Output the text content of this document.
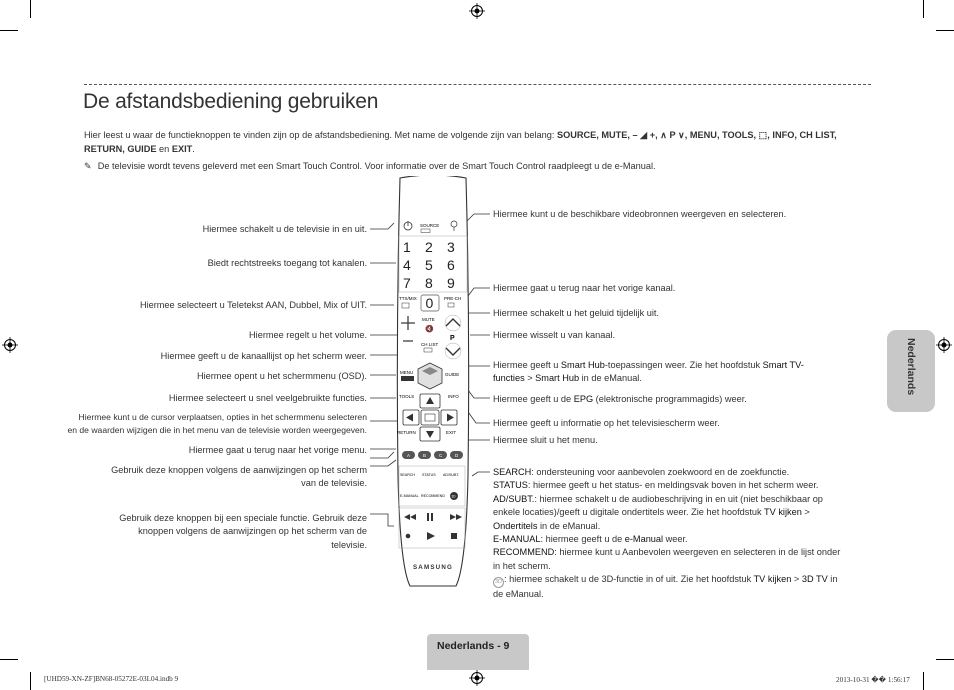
De afstandsbediening gebruiken
Hier leest u waar de functieknoppen te vinden zijn op de afstandsbediening. Met name de volgende zijn van belang: SOURCE, MUTE, – ◢ +, ∧ P ∨, MENU, TOOLS, ⬚, INFO, CH LIST,
RETURN, GUIDE en EXIT.
✎ De televisie wordt tevens geleverd met een Smart Touch Control. Voor informatie over de Smart Touch Control raadpleegt u de e-Manual.
Hiermee schakelt u de televisie in en uit.
Biedt rechtstreeks toegang tot kanalen.
Hiermee selecteert u Teletekst AAN, Dubbel, Mix of UIT.
Hiermee regelt u het volume.
Hiermee geeft u de kanaallijst op het scherm weer.
Hiermee opent u het schermmenu (OSD).
Hiermee selecteert u snel veelgebruikte functies.
Hiermee kunt u de cursor verplaatsen, opties in het schermmenu selecteren
en de waarden wijzigen die in het menu van de televisie worden weergegeven.
Hiermee gaat u terug naar het vorige menu.
Gebruik deze knoppen volgens de aanwijzingen op het scherm
van de televisie.
Gebruik deze knoppen bij een speciale functie. Gebruik deze
knoppen volgens de aanwijzingen op het scherm van de
televisie.
Hiermee kunt u de beschikbare videobronnen weergeven en selecteren.
Hiermee gaat u terug naar het vorige kanaal.
Hiermee schakelt u het geluid tijdelijk uit.
Hiermee wisselt u van kanaal.
Hiermee geeft u Smart Hub-toepassingen weer. Zie het hoofdstuk Smart TV-
functies > Smart Hub in de eManual.
Hiermee geeft u de EPG (elektronische programmagids) weer.
Hiermee geeft u informatie op het televisiescherm weer.
Hiermee sluit u het menu.
SEARCH: ondersteuning voor aanbevolen zoekwoord en de zoekfunctie.
STATUS: hiermee geeft u het status- en meldingsvak boven in het scherm weer.
AD/SUBT.: hiermee schakelt u de audiobeschrijving in en uit (niet beschikbaar op
enkele locaties)/geeft u digitale ondertitels weer. Zie het hoofdstuk TV kijken >
Ondertitels in de eManual.
E-MANUAL: hiermee geeft u de e-Manual weer.
RECOMMEND: hiermee kunt u Aanbevolen weergeven en selecteren in de lijst onder
in het scherm.
3D : hiermee schakelt u de 3D-functie in of uit. Zie het hoofdstuk TV kijken > 3D TV in
de eManual.
SOURCE
1 2 3
4 5 6
7 8 9
0
TTX/MIX	PRE-CH
MUTE
🔇
P
CH LIST
MENU	GUIDE
TOOLS	INFO
RETURN	EXIT
A	B	C	D
SEARCH STATUS AD/SUBT.
E-MANUAL RECOMMEND 3D
SAMSUNG
Nederlands
Nederlands - 9
[UHD59-XN-ZF]BN68-05272E-03L04.indb 9	2013-10-31 �� 1:56:17
